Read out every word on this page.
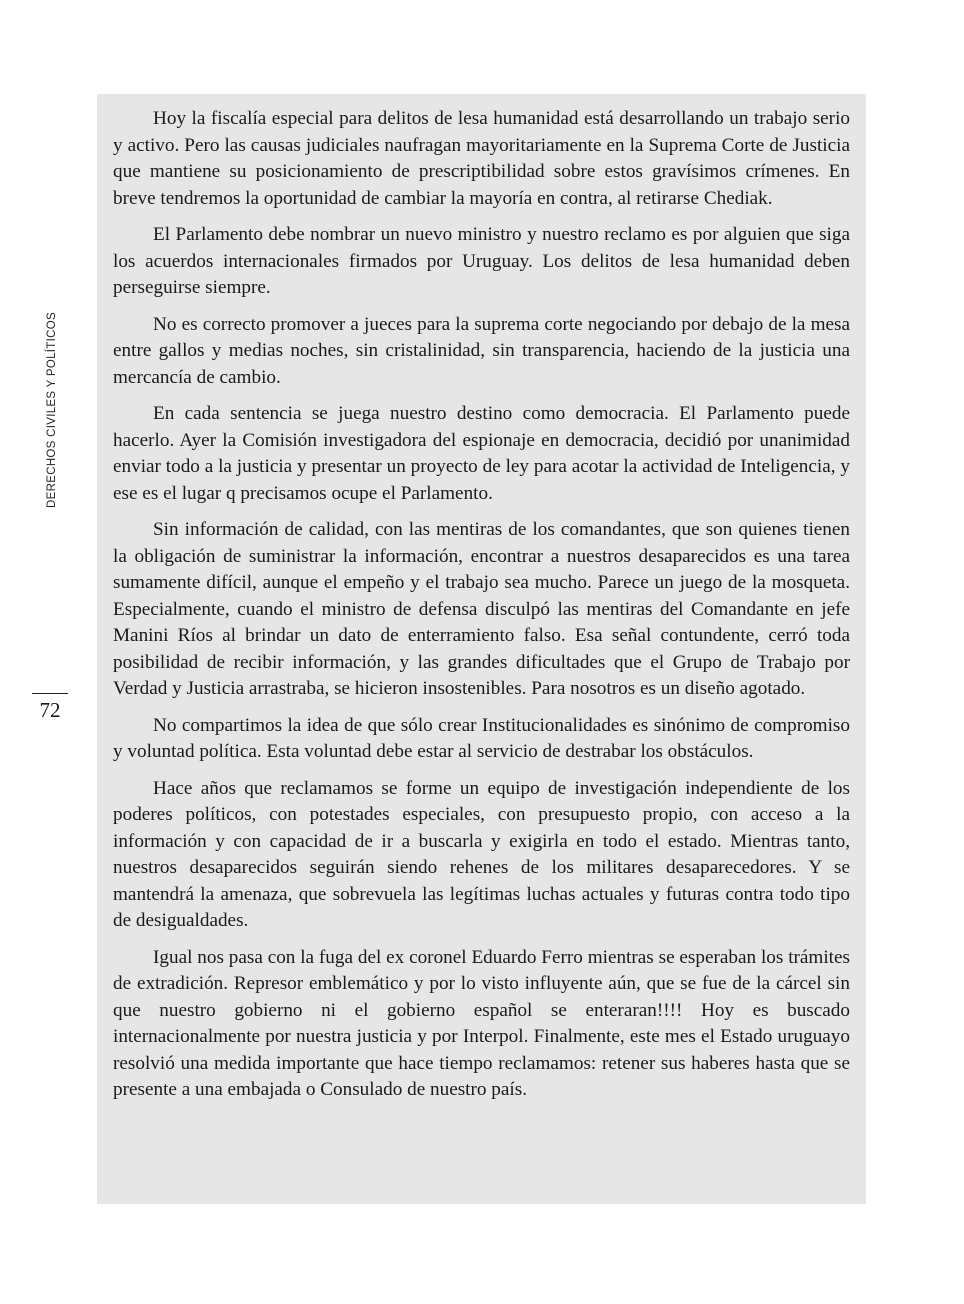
DERECHOS CIVILES Y POLÍTICOS
72

Hoy la fiscalía especial para delitos de lesa humanidad está desarrollando un trabajo serio y activo. Pero las causas judiciales naufragan mayoritariamente en la Suprema Corte de Justicia que mantiene su posicionamiento de prescriptibilidad sobre estos gravísimos crímenes. En breve tendremos la oportunidad de cambiar la mayoría en contra, al retirarse Chediak.

El Parlamento debe nombrar un nuevo ministro y nuestro reclamo es por alguien que siga los acuerdos internacionales firmados por Uruguay. Los delitos de lesa humanidad deben perseguirse siempre.

No es correcto promover a jueces para la suprema corte negociando por debajo de la mesa entre gallos y medias noches, sin cristalinidad, sin transparencia, haciendo de la justicia una mercancía de cambio.

En cada sentencia se juega nuestro destino como democracia. El Parlamento puede hacerlo. Ayer la Comisión investigadora del espionaje en democracia, decidió por unanimidad enviar todo a la justicia y presentar un proyecto de ley para acotar la actividad de Inteligencia, y ese es el lugar q precisamos ocupe el Parlamento.

Sin información de calidad, con las mentiras de los comandantes, que son quienes tienen la obligación de suministrar la información, encontrar a nuestros desaparecidos es una tarea sumamente difícil, aunque el empeño y el trabajo sea mucho. Parece un juego de la mosqueta. Especialmente, cuando el ministro de defensa disculpó las mentiras del Comandante en jefe Manini Ríos al brindar un dato de enterramiento falso. Esa señal contundente, cerró toda posibilidad de recibir información, y las grandes dificultades que el Grupo de Trabajo por Verdad y Justicia arrastraba, se hicieron insostenibles. Para nosotros es un diseño agotado.

No compartimos la idea de que sólo crear Institucionalidades es sinónimo de compromiso y voluntad política. Esta voluntad debe estar al servicio de destrabar los obstáculos.

Hace años que reclamamos se forme un equipo de investigación independiente de los poderes políticos, con potestades especiales, con presupuesto propio, con acceso a la información y con capacidad de ir a buscarla y exigirla en todo el estado. Mientras tanto, nuestros desaparecidos seguirán siendo rehenes de los militares desaparecedores. Y se mantendrá la amenaza, que sobrevuela las legítimas luchas actuales y futuras contra todo tipo de desigualdades.

Igual nos pasa con la fuga del ex coronel Eduardo Ferro mientras se esperaban los trámites de extradición. Represor emblemático y por lo visto influyente aún, que se fue de la cárcel sin que nuestro gobierno ni el gobierno español se enteraran!!!! Hoy es buscado internacionalmente por nuestra justicia y por Interpol. Finalmente, este mes el Estado uruguayo resolvió una medida importante que hace tiempo reclamamos: retener sus haberes hasta que se presente a una embajada o Consulado de nuestro país.
